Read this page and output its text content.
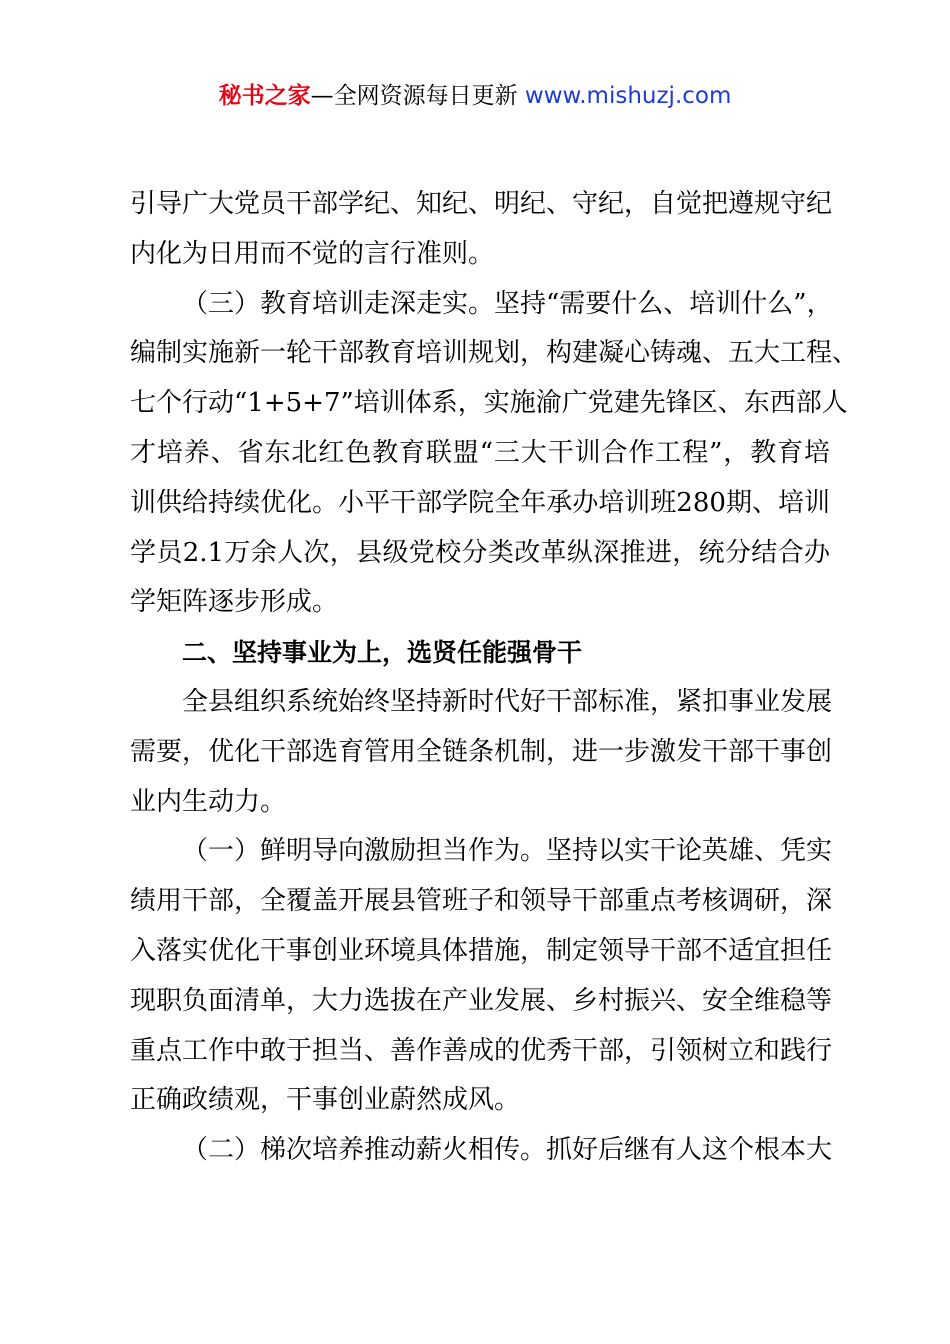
秘书之家—全网资源每日更新 www.mishuzj.com
引导广大党员干部学纪、知纪、明纪、守纪，自觉把遵规守纪
内化为日用而不觉的言行准则。
（三）教育培训走深走实。坚持“需要什么、培训什么”，
编制实施新一轮干部教育培训规划，构建凝心铸魂、五大工程、
七个行动“1+5+7”培训体系，实施渝广党建先锋区、东西部人
才培养、省东北红色教育联盟“三大干训合作工程”，教育培
训供给持续优化。小平干部学院全年承办培训班280期、培训
学员2.1万余人次，县级党校分类改革纵深推进，统分结合办
学矩阵逐步形成。
二、坚持事业为上，选贤任能强骨干
全县组织系统始终坚持新时代好干部标准，紧扣事业发展
需要，优化干部选育管用全链条机制，进一步激发干部干事创
业内生动力。
（一）鲜明导向激励担当作为。坚持以实干论英雄、凭实
绩用干部，全覆盖开展县管班子和领导干部重点考核调研，深
入落实优化干事创业环境具体措施，制定领导干部不适宜担任
现职负面清单，大力选拔在产业发展、乡村振兴、安全维稳等
重点工作中敢于担当、善作善成的优秀干部，引领树立和践行
正确政绩观，干事创业蔚然成风。
（二）梯次培养推动薪火相传。抓好后继有人这个根本大
